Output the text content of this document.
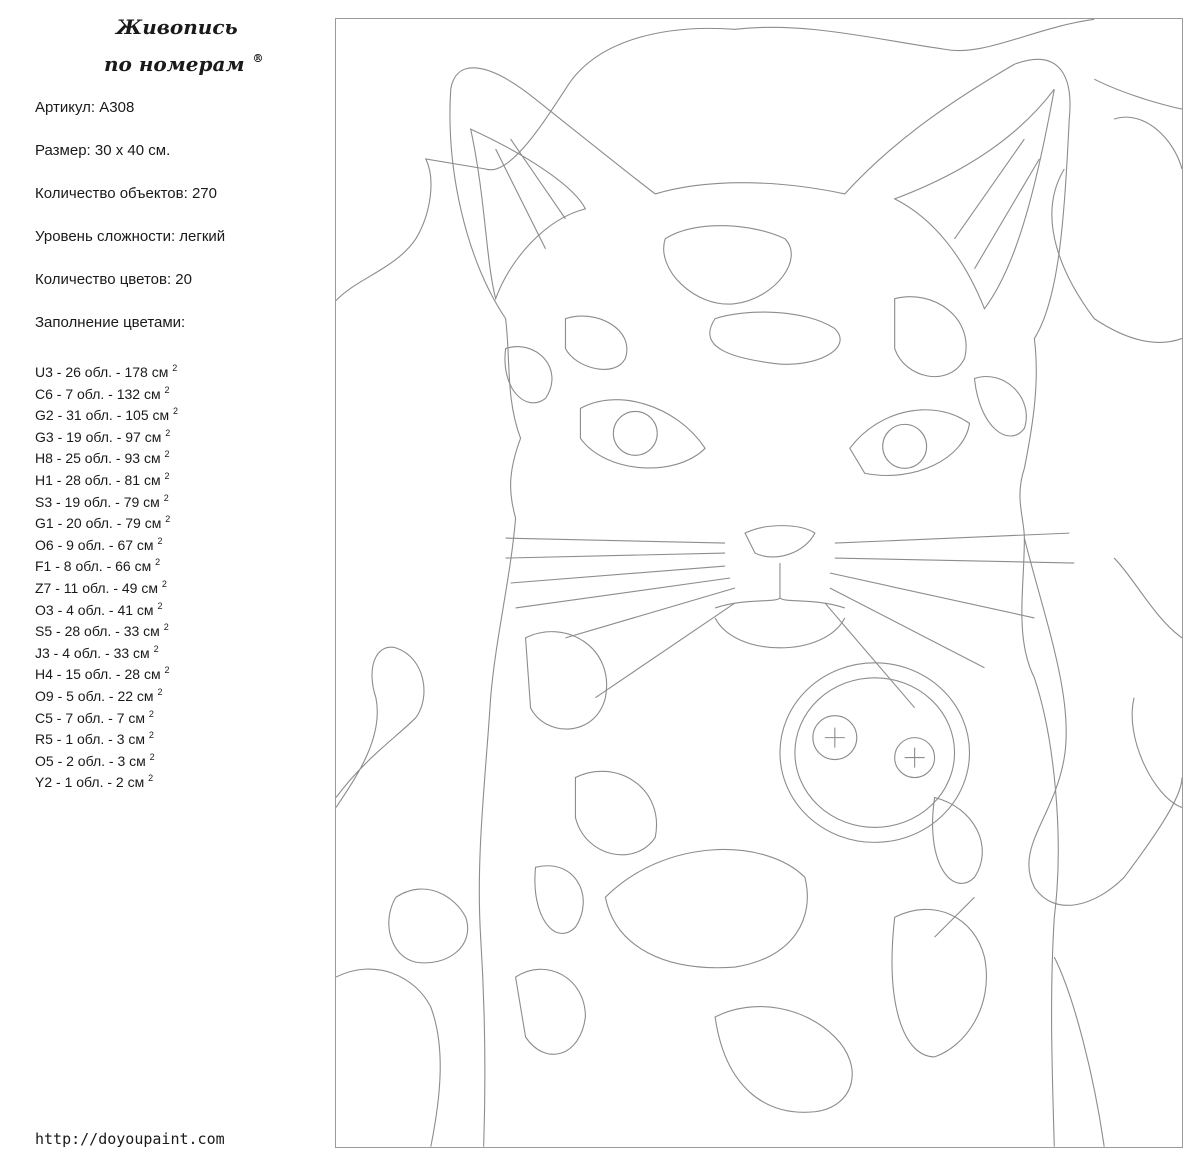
Живопись
по номерам ®
Артикул: A308
Размер: 30 х 40 см.
Количество объектов: 270
Уровень сложности: легкий
Количество цветов: 20
Заполнение цветами:
U3 - 26 обл. - 178 см $^2$
C6 - 7 обл. - 132 см $^2$
G2 - 31 обл. - 105 см $^2$
G3 - 19 обл. - 97 см $^2$
H8 - 25 обл. - 93 см $^2$
H1 - 28 обл. - 81 см $^2$
S3 - 19 обл. - 79 см $^2$
G1 - 20 обл. - 79 см $^2$
O6 - 9 обл. - 67 см $^2$
F1 - 8 обл. - 66 см $^2$
Z7 - 11 обл. - 49 см $^2$
O3 - 4 обл. - 41 см $^2$
S5 - 28 обл. - 33 см $^2$
J3 - 4 обл. - 33 см $^2$
H4 - 15 обл. - 28 см $^2$
O9 - 5 обл. - 22 см $^2$
C5 - 7 обл. - 7 см $^2$
R5 - 1 обл. - 3 см $^2$
O5 - 2 обл. - 3 см $^2$
Y2 - 1 обл. - 2 см $^2$
http://doyoupaint.com
